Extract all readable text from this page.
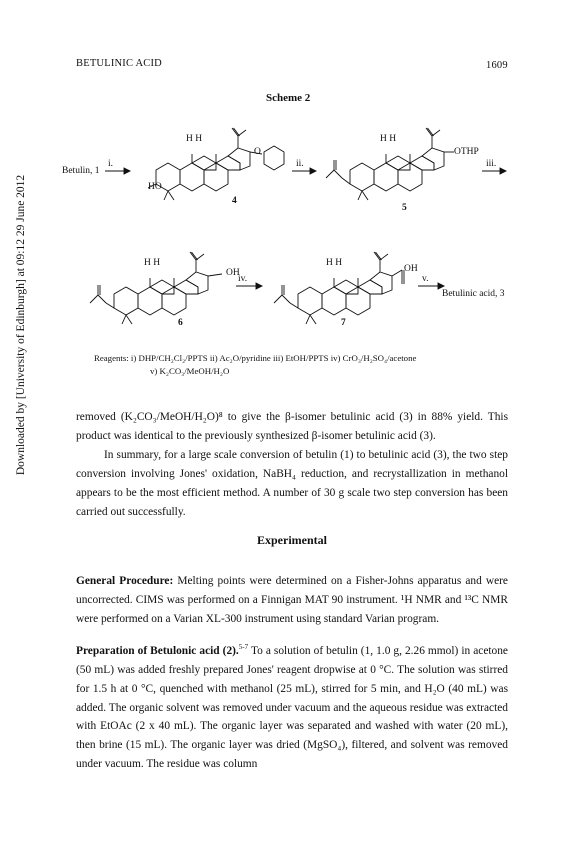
BETULINIC ACID	1609
Downloaded by [University of Edinburgh] at 09:12 29 June 2012
Scheme 2
Betulin, 1
i.	ii.	iii.
iv.	v.
HO
O	OTHP
OH	OH
H H	H H
H H	H H
4
5
6	7
Betulinic acid, 3
Reagents: i) DHP/CH₂Cl₂/PPTS ii) Ac₂O/pyridine iii) EtOH/PPTS iv) CrO₃/H₂SO₄/acetone
v) K₂CO₃/MeOH/H₂O
removed (K₂CO₃/MeOH/H₂O)⁸ to give the β-isomer betulinic acid (3) in 88% yield. This product was identical to the previously synthesized β-isomer betulinic acid (3).
In summary, for a large scale conversion of betulin (1) to betulinic acid (3), the two step conversion involving Jones' oxidation, NaBH₄ reduction, and recrystallization in methanol appears to be the most efficient method. A number of 30 g scale two step conversion has been carried out successfully.
Experimental
General Procedure: Melting points were determined on a Fisher-Johns apparatus and were uncorrected. CIMS was performed on a Finnigan MAT 90 instrument. ¹H NMR and ¹³C NMR were performed on a Varian XL-300 instrument using standard Varian program.
Preparation of Betulonic acid (2).$^{5-7}$ To a solution of betulin (1, 1.0 g, 2.26 mmol) in acetone (50 mL) was added freshly prepared Jones' reagent dropwise at 0 °C. The solution was stirred for 1.5 h at 0 °C, quenched with methanol (25 mL), stirred for 5 min, and H₂O (40 mL) was added. The organic solvent was removed under vacuum and the aqueous residue was extracted with EtOAc (2 x 40 mL). The organic layer was separated and washed with water (20 mL), then brine (15 mL). The organic layer was dried (MgSO₄), filtered, and solvent was removed under vacuum. The residue was column
